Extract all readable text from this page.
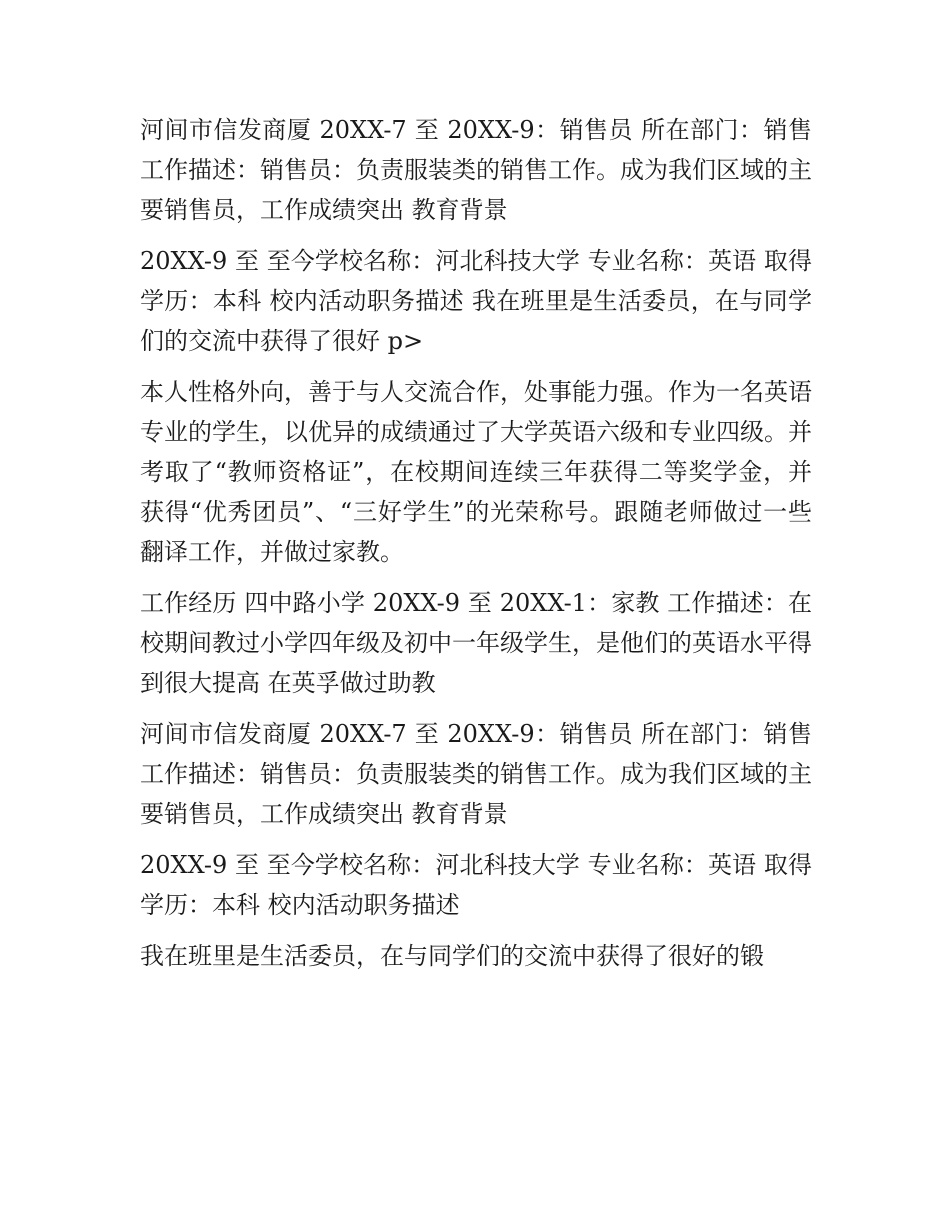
河间市信发商厦 20XX-7 至 20XX-9：销售员 所在部门：销售 工作描述：销售员：负责服装类的销售工作。成为我们区域的主要销售员，工作成绩突出 教育背景

20XX-9 至 至今学校名称：河北科技大学 专业名称：英语 取得学历：本科 校内活动职务描述 我在班里是生活委员，在与同学们的交流中获得了很好 p>

本人性格外向，善于与人交流合作，处事能力强。作为一名英语专业的学生，以优异的成绩通过了大学英语六级和专业四级。并考取了“教师资格证”，在校期间连续三年获得二等奖学金，并获得“优秀团员”、“三好学生”的光荣称号。跟随老师做过一些翻译工作，并做过家教。

工作经历 四中路小学 20XX-9 至 20XX-1：家教 工作描述：在校期间教过小学四年级及初中一年级学生，是他们的英语水平得到很大提高 在英孚做过助教

河间市信发商厦 20XX-7 至 20XX-9：销售员 所在部门：销售 工作描述：销售员：负责服装类的销售工作。成为我们区域的主要销售员，工作成绩突出 教育背景

20XX-9 至 至今学校名称：河北科技大学 专业名称：英语 取得学历：本科 校内活动职务描述

我在班里是生活委员，在与同学们的交流中获得了很好的锻
